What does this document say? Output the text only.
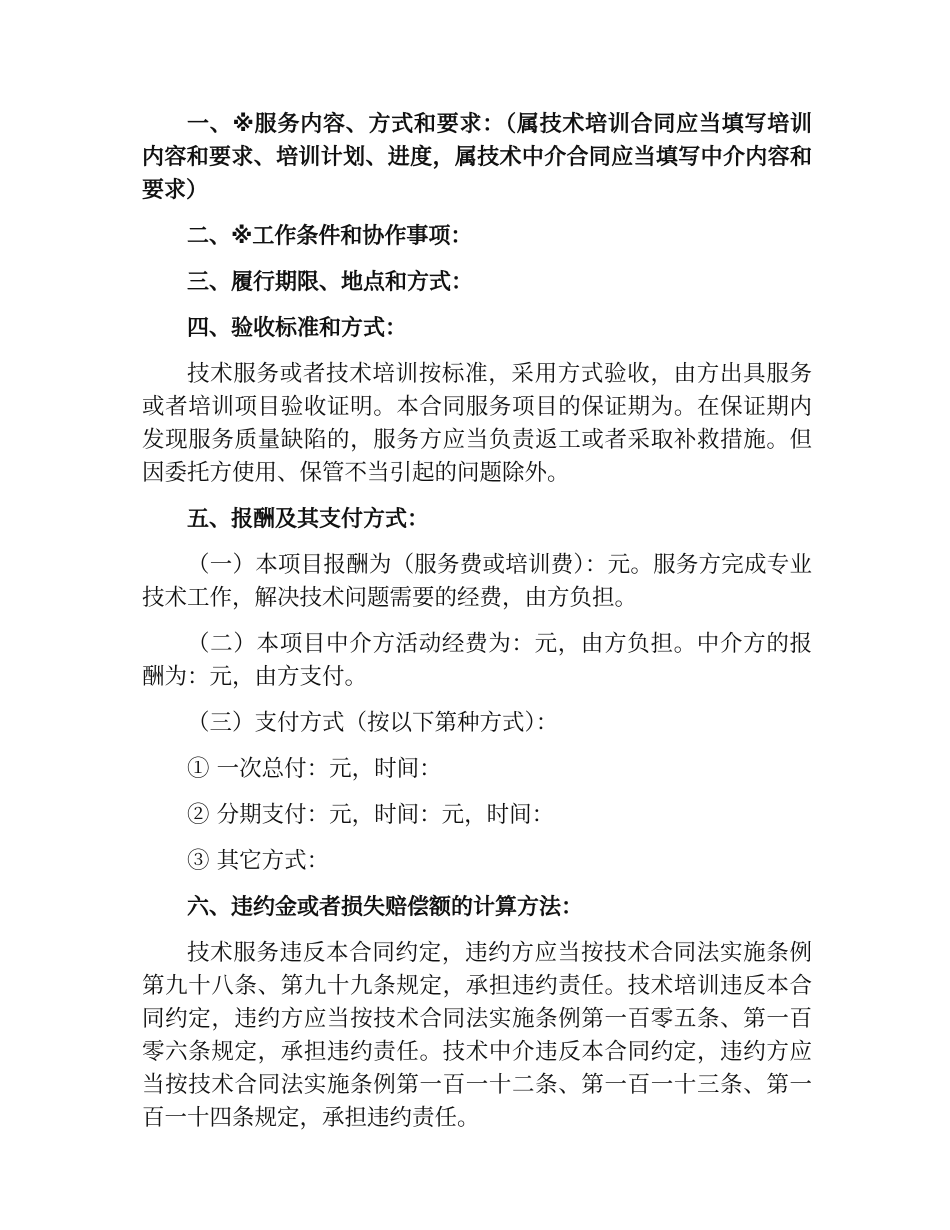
一、※服务内容、方式和要求：（属技术培训合同应当填写培训内容和要求、培训计划、进度，属技术中介合同应当填写中介内容和要求）

二、※工作条件和协作事项：

三、履行期限、地点和方式：

四、验收标准和方式：

技术服务或者技术培训按标准，采用方式验收，由方出具服务或者培训项目验收证明。本合同服务项目的保证期为。在保证期内发现服务质量缺陷的，服务方应当负责返工或者采取补救措施。但因委托方使用、保管不当引起的问题除外。

五、报酬及其支付方式：

（一）本项目报酬为（服务费或培训费）：元。服务方完成专业技术工作，解决技术问题需要的经费，由方负担。

（二）本项目中介方活动经费为：元，由方负担。中介方的报酬为：元，由方支付。

（三）支付方式（按以下第种方式）：

① 一次总付：元，时间：

② 分期支付：元，时间：元，时间：

③ 其它方式：

六、违约金或者损失赔偿额的计算方法：

技术服务违反本合同约定，违约方应当按技术合同法实施条例第九十八条、第九十九条规定，承担违约责任。技术培训违反本合同约定，违约方应当按技术合同法实施条例第一百零五条、第一百零六条规定，承担违约责任。技术中介违反本合同约定，违约方应当按技术合同法实施条例第一百一十二条、第一百一十三条、第一百一十四条规定，承担违约责任。
